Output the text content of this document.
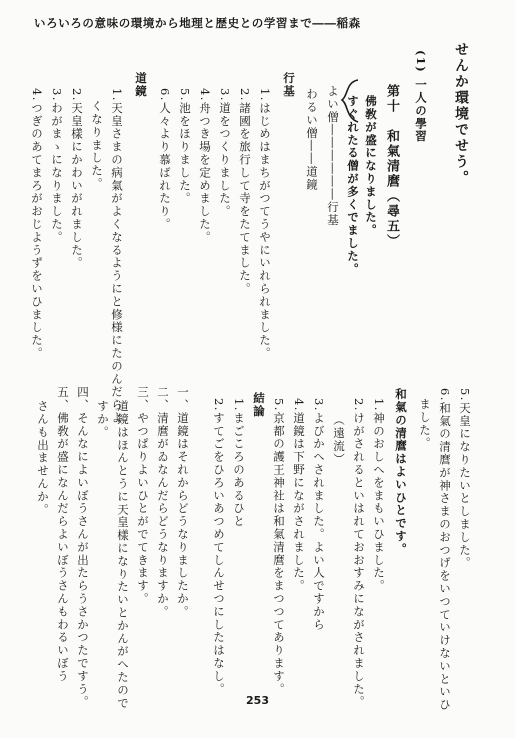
いろいろの意味の環境から地理と歴史との学習まで――稲森
せんか環境でせう。
(1) 一人の學習
第十　和氣清麿（尋五）
佛敎が盛になりました。
すぐれたる僧が多くでました。
よい僧――――――行基
わるい僧――道鏡
行基
1.はじめはまちがつてうやにいれられました。
2.諸國を旅行して寺をたてました。
3.道をつくりました。
4.舟つき場を定めました。
5.池をほりました。
6.人々より慕ばれたり。
道鏡
1.天皇さまの病氣がよくなるようにと修様にたのんだらよ
くなりました。
2.天皇樣にかわいがれました。
3.わがまゝになりました。
4.つぎのあてまろがおじようずをいひました。
5.天皇になりたいとしました。
6.和氣の清麿が神さまのおつげをいつていけないといひ
ました。
和氣の清麿はよいひとです。
1.神のおしへをまもいひました。
2.けがされるといはれておおすみにながされました。
（遠流）
3.よびかへされました。よい人ですから
4.道鏡は下野にながされました。
5.京都の護王神社は和氣清麿をまつつてあります。
結論
1.まごころのあるひと
2.すてごをひろいあつめてしんせつにしたはなし。
一、道鏡はそれからどうなりましたか。
二、清麿がゐなんだらどうなりますか。
三、やつぱりよいひとがでてきます。
道鏡はほんとうに天皇樣になりたいとかんがへたので
すか。
四、そんなによいぼうさんが出たらうさかつたですう。
五、佛敎が盛になんだらよいぼうさんもわるいぼう
さんも出ませんか。
253
